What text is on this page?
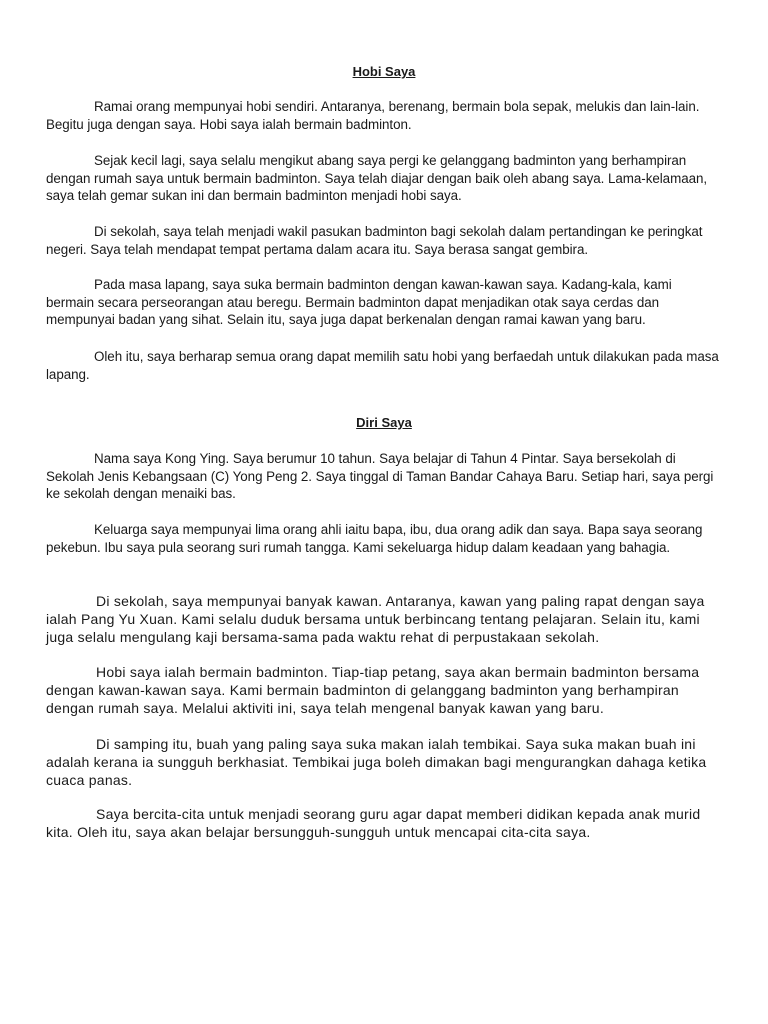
Hobi Saya

Ramai orang mempunyai hobi sendiri. Antaranya, berenang, bermain bola sepak, melukis dan lain-lain. Begitu juga dengan saya. Hobi saya ialah bermain badminton.

Sejak kecil lagi, saya selalu mengikut abang saya pergi ke gelanggang badminton yang berhampiran dengan rumah saya untuk bermain badminton. Saya telah diajar dengan baik oleh abang saya. Lama-kelamaan, saya telah gemar sukan ini dan bermain badminton menjadi hobi saya.

Di sekolah, saya telah menjadi wakil pasukan badminton bagi sekolah dalam pertandingan ke peringkat negeri. Saya telah mendapat tempat pertama dalam acara itu. Saya berasa sangat gembira.

Pada masa lapang, saya suka bermain badminton dengan kawan-kawan saya. Kadang-kala, kami bermain secara perseorangan atau beregu. Bermain badminton dapat menjadikan otak saya cerdas dan mempunyai badan yang sihat. Selain itu, saya juga dapat berkenalan dengan ramai kawan yang baru.

Oleh itu, saya berharap semua orang dapat memilih satu hobi yang berfaedah untuk dilakukan pada masa lapang.

Diri Saya

Nama saya Kong Ying. Saya berumur 10 tahun. Saya belajar di Tahun 4 Pintar. Saya bersekolah di Sekolah Jenis Kebangsaan (C) Yong Peng 2. Saya tinggal di Taman Bandar Cahaya Baru. Setiap hari, saya pergi ke sekolah dengan menaiki bas.

Keluarga saya mempunyai lima orang ahli iaitu bapa, ibu, dua orang adik dan saya. Bapa saya seorang pekebun. Ibu saya pula seorang suri rumah tangga. Kami sekeluarga hidup dalam keadaan yang bahagia.

Di sekolah, saya mempunyai banyak kawan. Antaranya, kawan yang paling rapat dengan saya ialah Pang Yu Xuan. Kami selalu duduk bersama untuk berbincang tentang pelajaran. Selain itu, kami juga selalu mengulang kaji bersama-sama pada waktu rehat di perpustakaan sekolah.

Hobi saya ialah bermain badminton. Tiap-tiap petang, saya akan bermain badminton bersama dengan kawan-kawan saya. Kami bermain badminton di gelanggang badminton yang berhampiran dengan rumah saya. Melalui aktiviti ini, saya telah mengenal banyak kawan yang baru.

Di samping itu, buah yang paling saya suka makan ialah tembikai. Saya suka makan buah ini adalah kerana ia sungguh berkhasiat. Tembikai juga boleh dimakan bagi mengurangkan dahaga ketika cuaca panas.

Saya bercita-cita untuk menjadi seorang guru agar dapat memberi didikan kepada anak murid kita. Oleh itu, saya akan belajar bersungguh-sungguh untuk mencapai cita-cita saya.
